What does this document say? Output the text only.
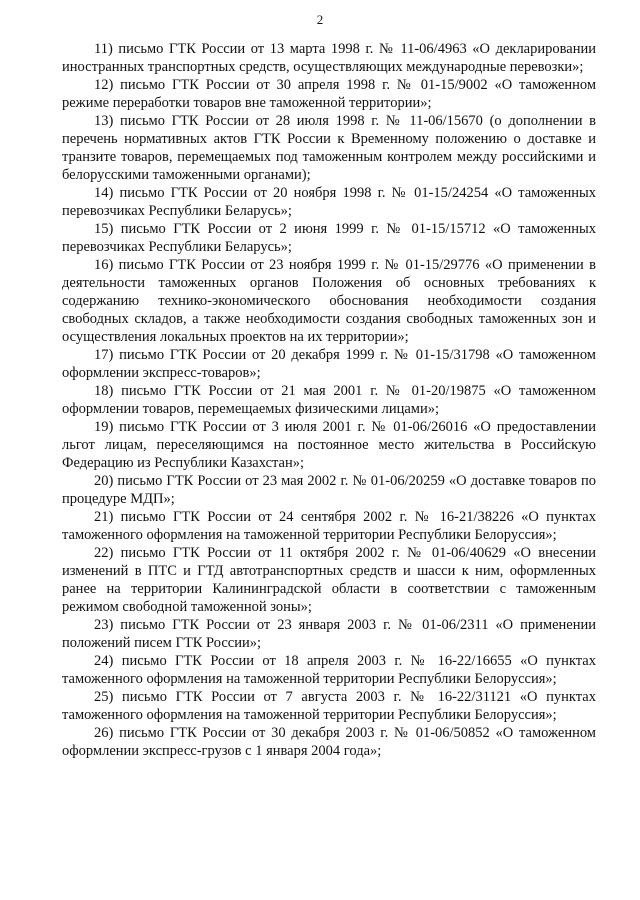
2

11) письмо ГТК России от 13 марта 1998 г. № 11-06/4963 «О декларировании иностранных транспортных средств, осуществляющих международные перевозки»;

12) письмо ГТК России от 30 апреля 1998 г. № 01-15/9002 «О таможенном режиме переработки товаров вне таможенной территории»;

13) письмо ГТК России от 28 июля 1998 г. № 11-06/15670 (о дополнении в перечень нормативных актов ГТК России к Временному положению о доставке и транзите товаров, перемещаемых под таможенным контролем между российскими и белорусскими таможенными органами);

14) письмо ГТК России от 20 ноября 1998 г. № 01-15/24254 «О таможенных перевозчиках Республики Беларусь»;

15) письмо ГТК России от 2 июня 1999 г. № 01-15/15712 «О таможенных перевозчиках Республики Беларусь»;

16) письмо ГТК России от 23 ноября 1999 г. № 01-15/29776 «О применении в деятельности таможенных органов Положения об основных требованиях к содержанию технико-экономического обоснования необходимости создания свободных складов, а также необходимости создания свободных таможенных зон и осуществления локальных проектов на их территории»;

17) письмо ГТК России от 20 декабря 1999 г. № 01-15/31798 «О таможенном оформлении экспресс-товаров»;

18) письмо ГТК России от 21 мая 2001 г. № 01-20/19875 «О таможенном оформлении товаров, перемещаемых физическими лицами»;

19) письмо ГТК России от 3 июля 2001 г. № 01-06/26016 «О предоставлении льгот лицам, переселяющимся на постоянное место жительства в Российскую Федерацию из Республики Казахстан»;

20) письмо ГТК России от 23 мая 2002 г. № 01-06/20259 «О доставке товаров по процедуре МДП»;

21) письмо ГТК России от 24 сентября 2002 г. № 16-21/38226 «О пунктах таможенного оформления на таможенной территории Республики Белоруссия»;

22) письмо ГТК России от 11 октября 2002 г. № 01-06/40629 «О внесении изменений в ПТС и ГТД автотранспортных средств и шасси к ним, оформленных ранее на территории Калининградской области в соответствии с таможенным режимом свободной таможенной зоны»;

23) письмо ГТК России от 23 января 2003 г. № 01-06/2311 «О применении положений писем ГТК России»;

24) письмо ГТК России от 18 апреля 2003 г. № 16-22/16655 «О пунктах таможенного оформления на таможенной территории Республики Белоруссия»;

25) письмо ГТК России от 7 августа 2003 г. № 16-22/31121 «О пунктах таможенного оформления на таможенной территории Республики Белоруссия»;

26) письмо ГТК России от 30 декабря 2003 г. № 01-06/50852 «О таможенном оформлении экспресс-грузов с 1 января 2004 года»;
